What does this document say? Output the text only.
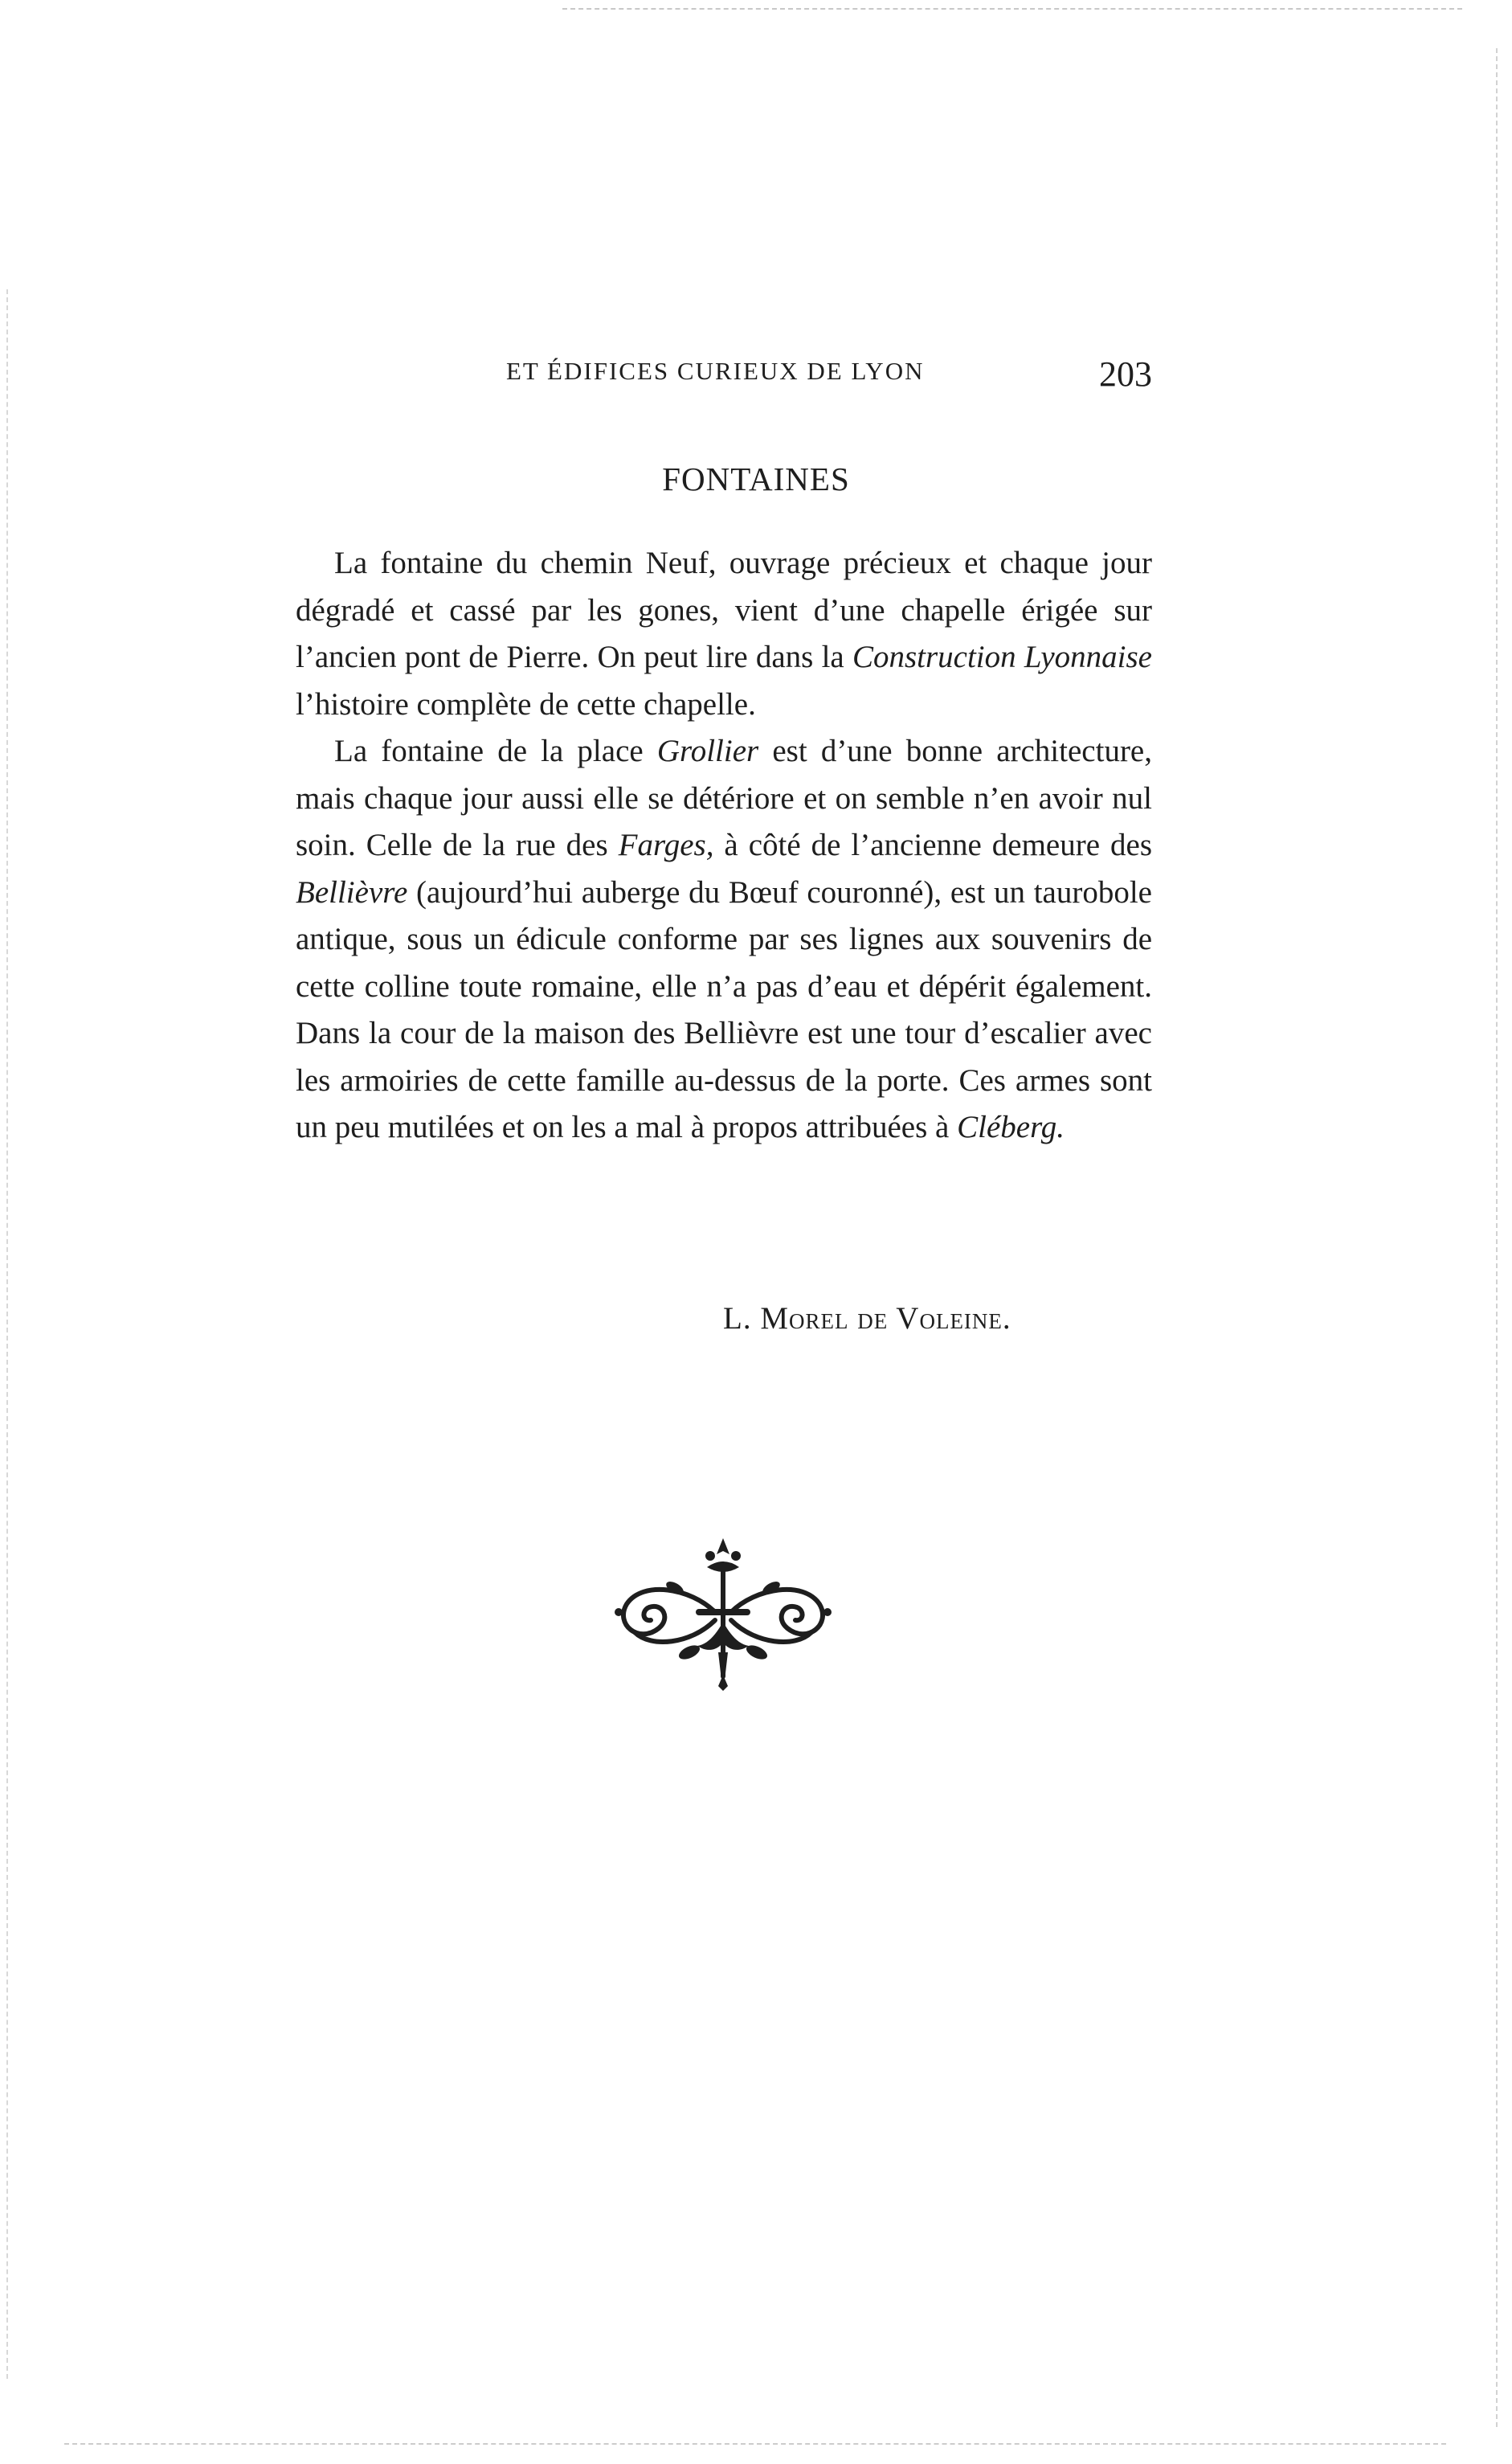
ET ÉDIFICES CURIEUX DE LYON	203
FONTAINES

La fontaine du chemin Neuf, ouvrage précieux et chaque jour dégradé et cassé par les gones, vient d’une chapelle érigée sur l’ancien pont de Pierre. On peut lire dans la Construction Lyonnaise l’histoire complète de cette chapelle.

La fontaine de la place Grollier est d’une bonne architecture, mais chaque jour aussi elle se détériore et on semble n’en avoir nul soin. Celle de la rue des Farges, à côté de l’ancienne demeure des Bellièvre (aujourd’hui auberge du Bœuf couronné), est un taurobole antique, sous un édicule conforme par ses lignes aux souvenirs de cette colline toute romaine, elle n’a pas d’eau et dépérit également. Dans la cour de la maison des Bellièvre est une tour d’escalier avec les armoiries de cette famille au-dessus de la porte. Ces armes sont un peu mutilées et on les a mal à propos attribuées à Cléberg.

L. Morel de Voleine.
